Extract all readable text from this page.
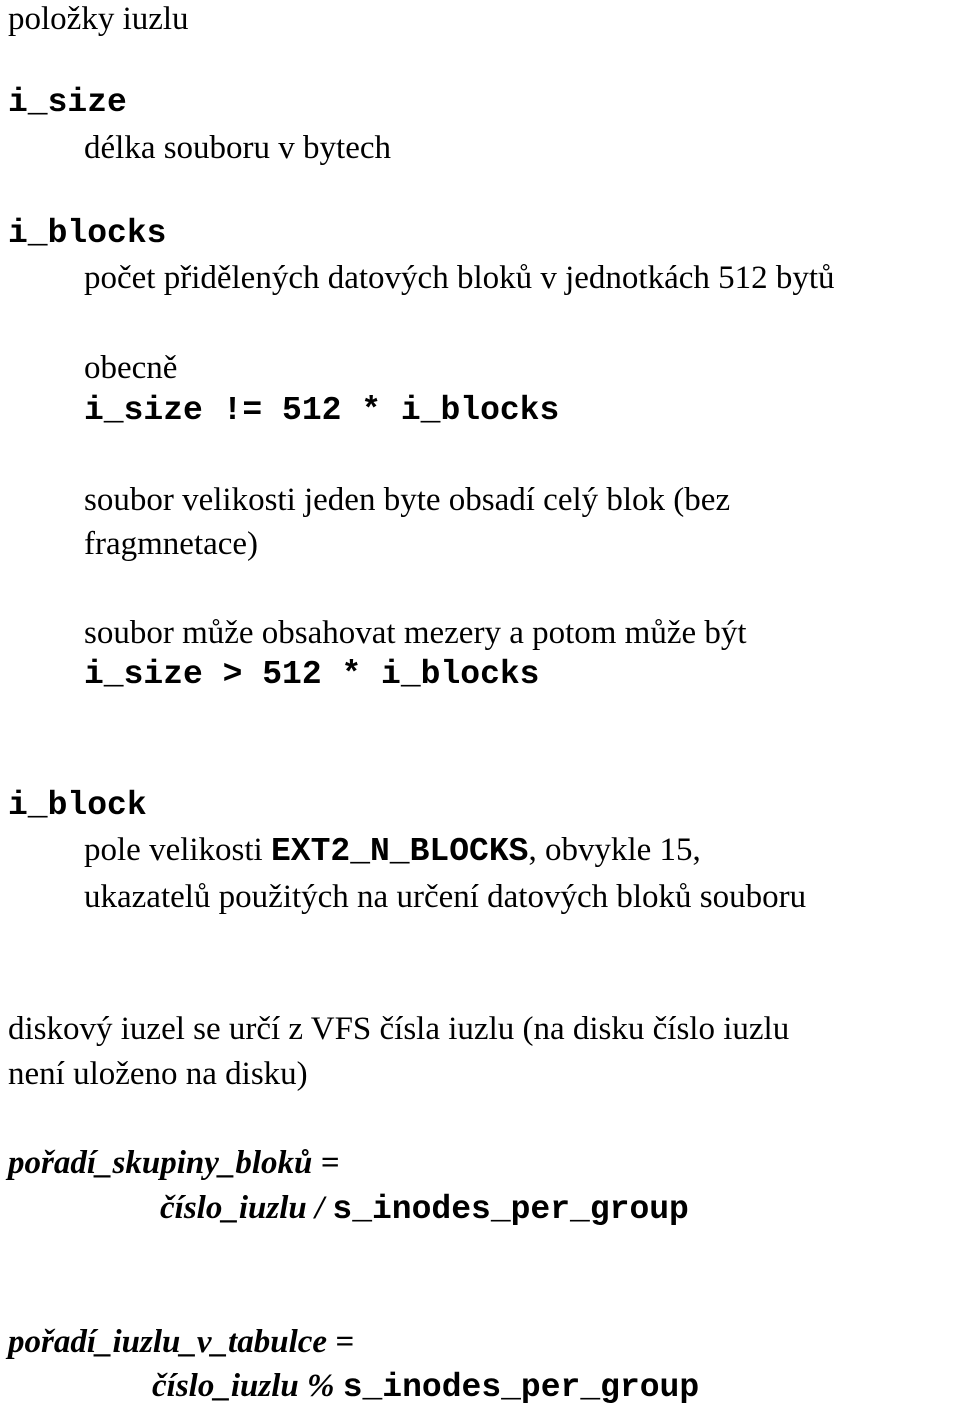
položky iuzlu
i_size
délka souboru v bytech
i_blocks
počet přidělených datových bloků v jednotkách 512 bytů
obecně
i_size != 512 * i_blocks
soubor velikosti jeden byte obsadí celý blok (bez
fragmnetace)
soubor může obsahovat mezery a potom může být
i_size > 512 * i_blocks
i_block
pole velikosti EXT2_N_BLOCKS, obvykle 15,
ukazatelů použitých na určení datových bloků souboru
diskový iuzel se určí z VFS čísla iuzlu (na disku číslo iuzlu
není uloženo na disku)
pořadí_skupiny_bloků =
číslo_iuzlu / s_inodes_per_group
pořadí_iuzlu_v_tabulce =
číslo_iuzlu % s_inodes_per_group
